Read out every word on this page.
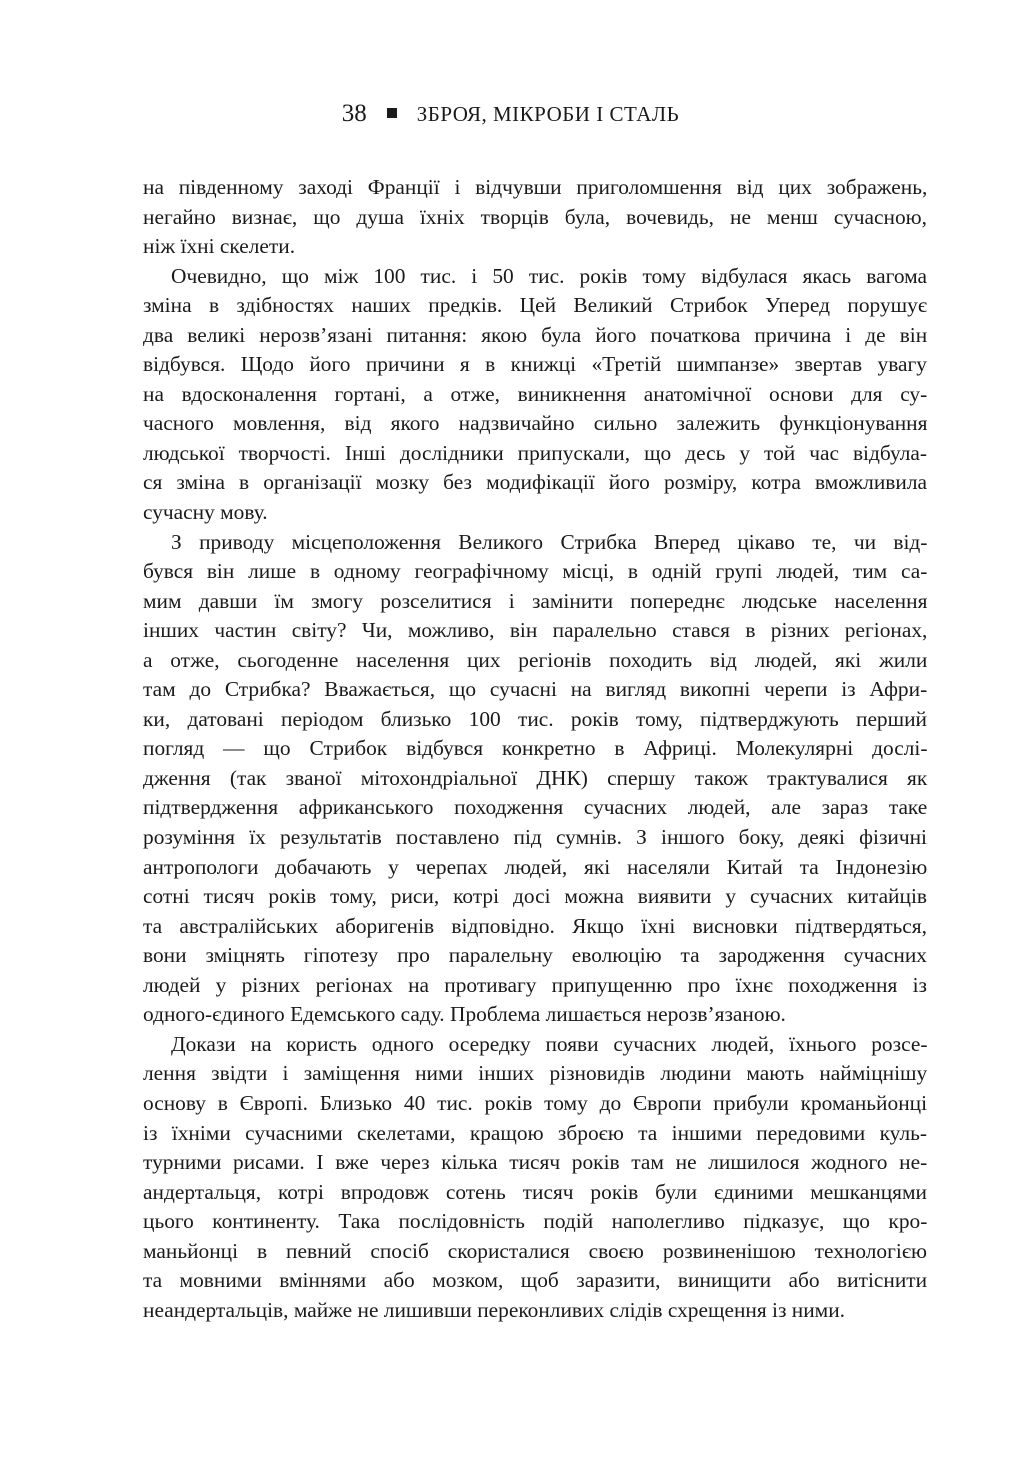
38 ЗБРОЯ, МІКРОБИ І СТАЛЬ

на південному заході Франції і відчувши приголомшення від цих зображень,
негайно визнає, що душа їхніх творців була, вочевидь, не менш сучасною,
ніж їхні скелети.

Очевидно, що між 100 тис. і 50 тис. років тому відбулася якась вагома
зміна в здібностях наших предків. Цей Великий Стрибок Уперед порушує
два великі нерозв’язані питання: якою була його початкова причина і де він
відбувся. Щодо його причини я в книжці «Третій шимпанзе» звертав увагу
на вдосконалення гортані, а отже, виникнення анатомічної основи для су-
часного мовлення, від якого надзвичайно сильно залежить функціонування
людської творчості. Інші дослідники припускали, що десь у той час відбула-
ся зміна в організації мозку без модифікації його розміру, котра вможливила
сучасну мову.

З приводу місцеположення Великого Стрибка Вперед цікаво те, чи від-
бувся він лише в одному географічному місці, в одній групі людей, тим са-
мим давши їм змогу розселитися і замінити попереднє людське населення
інших частин світу? Чи, можливо, він паралельно стався в різних регіонах,
а отже, сьогоденне населення цих регіонів походить від людей, які жили
там до Стрибка? Вважається, що сучасні на вигляд викопні черепи із Афри-
ки, датовані періодом близько 100 тис. років тому, підтверджують перший
погляд — що Стрибок відбувся конкретно в Африці. Молекулярні дослі-
дження (так званої мітохондріальної ДНК) спершу також трактувалися як
підтвердження африканського походження сучасних людей, але зараз таке
розуміння їх результатів поставлено під сумнів. З іншого боку, деякі фізичні
антропологи добачають у черепах людей, які населяли Китай та Індонезію
сотні тисяч років тому, риси, котрі досі можна виявити у сучасних китайців
та австралійських аборигенів відповідно. Якщо їхні висновки підтвердяться,
вони зміцнять гіпотезу про паралельну еволюцію та зародження сучасних
людей у різних регіонах на противагу припущенню про їхнє походження із
одного-єдиного Едемського саду. Проблема лишається нерозв’язаною.

Докази на користь одного осередку появи сучасних людей, їхнього розсе-
лення звідти і заміщення ними інших різновидів людини мають найміцнішу
основу в Європі. Близько 40 тис. років тому до Європи прибули кроманьйонці
із їхніми сучасними скелетами, кращою зброєю та іншими передовими куль-
турними рисами. І вже через кілька тисяч років там не лишилося жодного не-
андертальця, котрі впродовж сотень тисяч років були єдиними мешканцями
цього континенту. Така послідовність подій наполегливо підказує, що кро-
маньйонці в певний спосіб скористалися своєю розвиненішою технологією
та мовними вміннями або мозком, щоб заразити, винищити або витіснити
неандертальців, майже не лишивши переконливих слідів схрещення із ними.
